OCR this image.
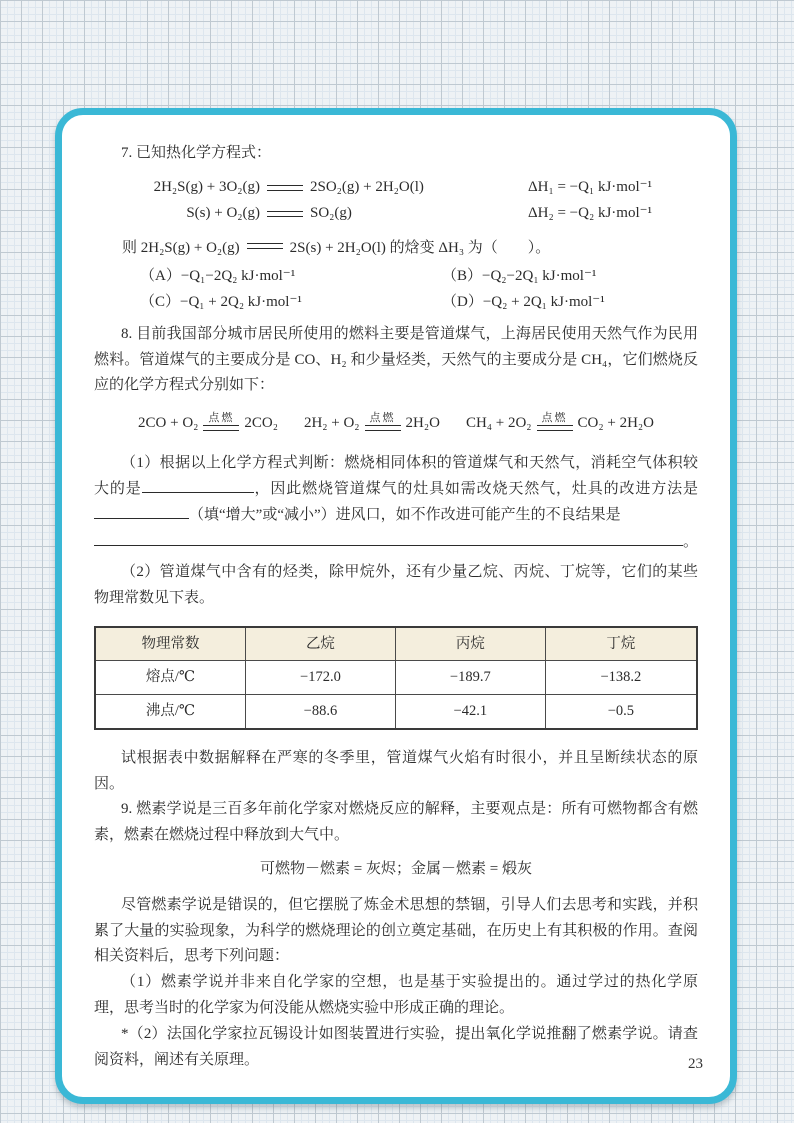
7. 已知热化学方程式：

2H₂S(g) + 3O₂(g)	2SO₂(g) + 2H₂O(l)	ΔH₁ = −Q₁ kJ·mol⁻¹
S(s) + O₂(g)	SO₂(g)	ΔH₂ = −Q₂ kJ·mol⁻¹

则 2H₂S(g) + O₂(g)	2S(s) + 2H₂O(l) 的焓变 ΔH₃ 为（　　）。

（A）−Q₁−2Q₂ kJ·mol⁻¹	（B）−Q₂−2Q₁ kJ·mol⁻¹
（C）−Q₁ + 2Q₂ kJ·mol⁻¹	（D）−Q₂ + 2Q₁ kJ·mol⁻¹

8. 目前我国部分城市居民所使用的燃料主要是管道煤气，上海居民使用天然气作为民用燃料。管道煤气的主要成分是 CO、H₂ 和少量烃类，天然气的主要成分是 CH₄，它们燃烧反应的化学方程式分别如下：

2CO + O₂ 点燃 2CO₂ 2H₂ + O₂ 点燃 2H₂O CH₄ + 2O₂ 点燃 CO₂ + 2H₂O

（1）根据以上化学方程式判断：燃烧相同体积的管道煤气和天然气，消耗空气体积较大的是	，因此燃烧管道煤气的灶具如需改烧天然气，灶具的改进方法是（填“增大”或“减小”）进风口，如不作改进可能产生的不良结果是

。

（2）管道煤气中含有的烃类，除甲烷外，还有少量乙烷、丙烷、丁烷等，它们的某些物理常数见下表。

物理常数	乙烷	丙烷	丁烷
熔点/℃	−172.0	−189.7	−138.2
沸点/℃	−88.6	−42.1	−0.5

试根据表中数据解释在严寒的冬季里，管道煤气火焰有时很小，并且呈断续状态的原因。

9. 燃素学说是三百多年前化学家对燃烧反应的解释，主要观点是：所有可燃物都含有燃素，燃素在燃烧过程中释放到大气中。

可燃物－燃素 = 灰烬；金属－燃素 = 煅灰

尽管燃素学说是错误的，但它摆脱了炼金术思想的禁锢，引导人们去思考和实践，并积累了大量的实验现象，为科学的燃烧理论的创立奠定基础，在历史上有其积极的作用。查阅相关资料后，思考下列问题：

（1）燃素学说并非来自化学家的空想，也是基于实验提出的。通过学过的热化学原理，思考当时的化学家为何没能从燃烧实验中形成正确的理论。

*（2）法国化学家拉瓦锡设计如图装置进行实验，提出氧化学说推翻了燃素学说。请查阅资料，阐述有关原理。	23
